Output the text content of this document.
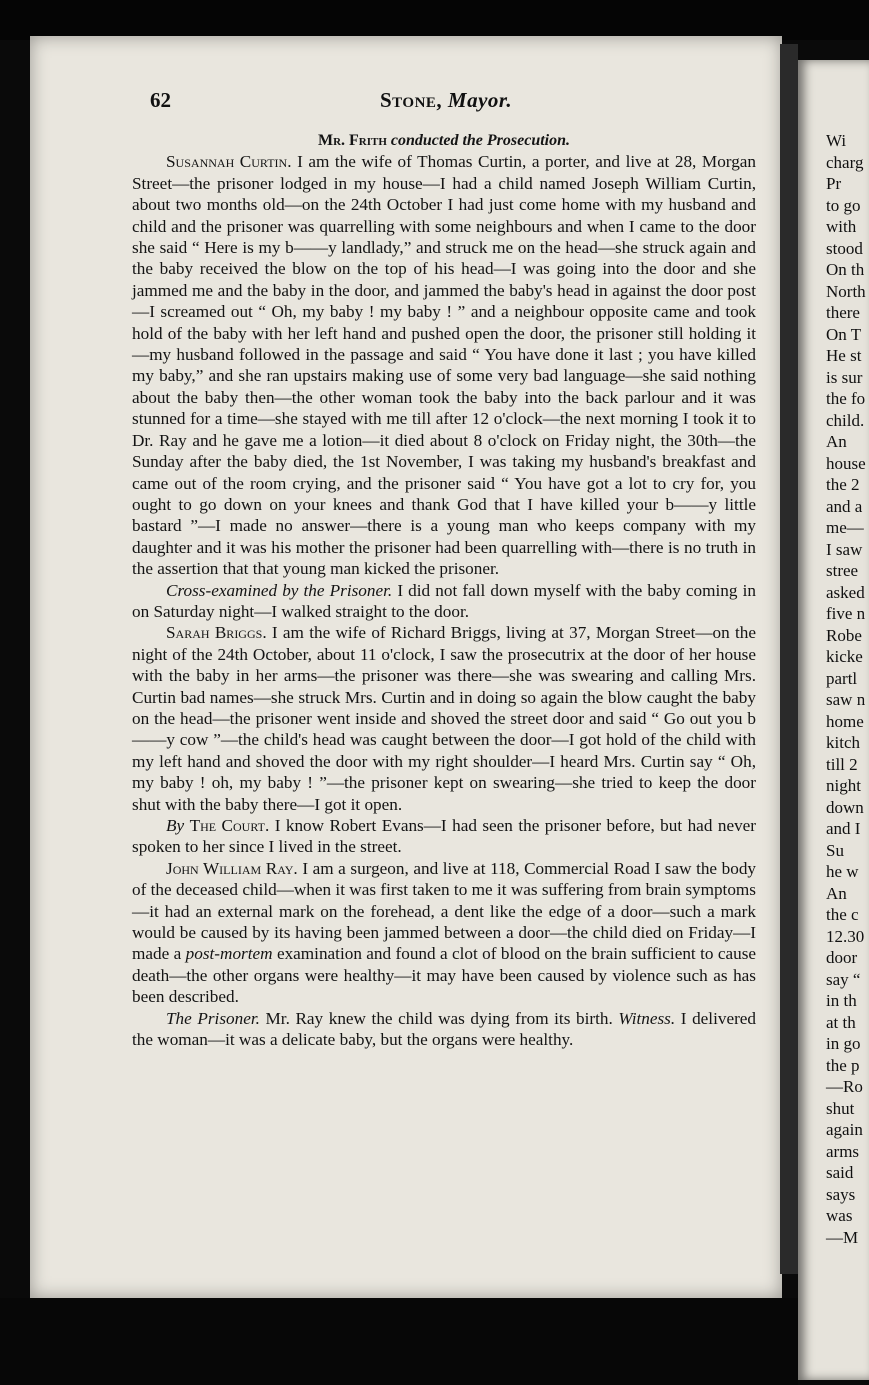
62	Stone, Mayor.

Mr. Frith conducted the Prosecution.

Susannah Curtin. I am the wife of Thomas Curtin, a porter, and live at 28, Morgan Street—the prisoner lodged in my house—I had a child named Joseph William Curtin, about two months old—on the 24th October I had just come home with my husband and child and the prisoner was quarrelling with some neighbours and when I came to the door she said “ Here is my b——y landlady,” and struck me on the head—she struck again and the baby received the blow on the top of his head—I was going into the door and she jammed me and the baby in the door, and jammed the baby's head in against the door post—I screamed out “ Oh, my baby ! my baby ! ” and a neighbour opposite came and took hold of the baby with her left hand and pushed open the door, the prisoner still holding it—my husband followed in the passage and said “ You have done it last ; you have killed my baby,” and she ran upstairs making use of some very bad language—she said nothing about the baby then—the other woman took the baby into the back parlour and it was stunned for a time—she stayed with me till after 12 o'clock—the next morning I took it to Dr. Ray and he gave me a lotion—it died about 8 o'clock on Friday night, the 30th—the Sunday after the baby died, the 1st November, I was taking my husband's breakfast and came out of the room crying, and the prisoner said “ You have got a lot to cry for, you ought to go down on your knees and thank God that I have killed your b——y little bastard ”—I made no answer—there is a young man who keeps company with my daughter and it was his mother the prisoner had been quarrelling with—there is no truth in the assertion that that young man kicked the prisoner.

Cross-examined by the Prisoner. I did not fall down myself with the baby coming in on Saturday night—I walked straight to the door.

Sarah Briggs. I am the wife of Richard Briggs, living at 37, Morgan Street—on the night of the 24th October, about 11 o'clock, I saw the prosecutrix at the door of her house with the baby in her arms—the prisoner was there—she was swearing and calling Mrs. Curtin bad names—she struck Mrs. Curtin and in doing so again the blow caught the baby on the head—the prisoner went inside and shoved the street door and said “ Go out you b——y cow ”—the child's head was caught between the door—I got hold of the child with my left hand and shoved the door with my right shoulder—I heard Mrs. Curtin say “ Oh, my baby ! oh, my baby ! ”—the prisoner kept on swearing—she tried to keep the door shut with the baby there—I got it open.

By The Court. I know Robert Evans—I had seen the prisoner before, but had never spoken to her since I lived in the street.

John William Ray. I am a surgeon, and live at 118, Commercial Road I saw the body of the deceased child—when it was first taken to me it was suffering from brain symptoms—it had an external mark on the forehead, a dent like the edge of a door—such a mark would be caused by its having been jammed between a door—the child died on Friday—I made a post-mortem examination and found a clot of blood on the brain sufficient to cause death—the other organs were healthy—it may have been caused by violence such as has been described.

The Prisoner. Mr. Ray knew the child was dying from its birth. Witness. I delivered the woman—it was a delicate baby, but the organs were healthy.

Wi
charg
Pr
to go
with
stood
On th
North
there
On T
He st
is sur
the fo
child.
An
house
the 2
and a
me—
I saw
stree
asked
five n
Robe
kicke
partl
saw n
home
kitch
till 2
night
down
and I
Su
he w
An
the c
12.30
door
say “
in th
at th
in go
the p
—Ro
shut
again
arms
said
says
was
—M
